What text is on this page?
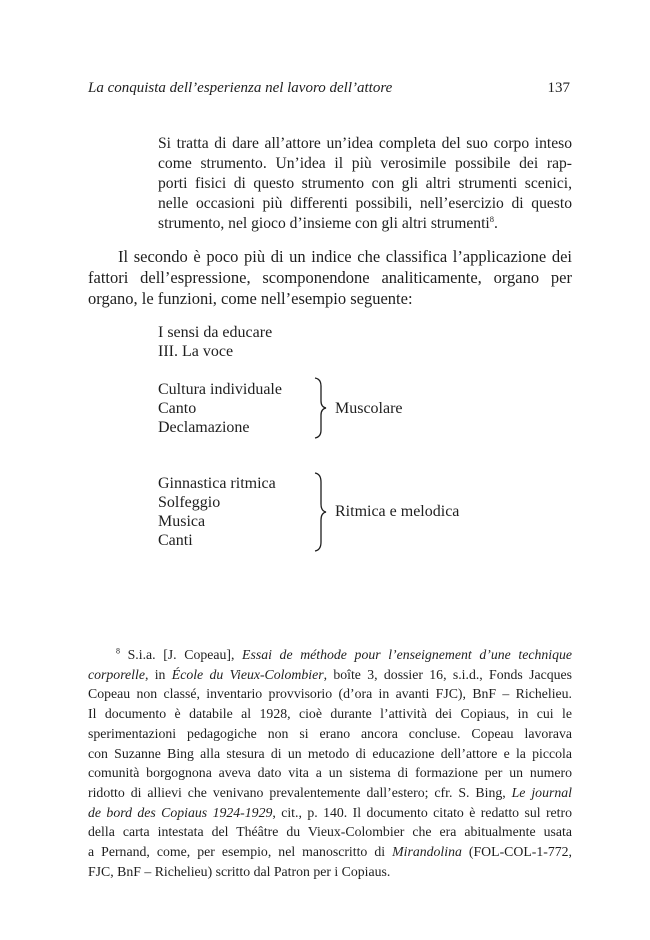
La conquista dell’esperienza nel lavoro dell’attore	137
Si tratta di dare all’attore un’idea completa del suo corpo inteso
come strumento. Un’idea il più verosimile possibile dei rap-
porti fisici di questo strumento con gli altri strumenti scenici,
nelle occasioni più differenti possibili, nell’esercizio di questo
strumento, nel gioco d’insieme con gli altri strumenti$^8$.
Il secondo è poco più di un indice che classifica l’applicazione dei
fattori dell’espressione, scomponendone analiticamente, organo per
organo, le funzioni, come nell’esempio seguente:
I sensi da educare
III. La voce
Cultura individuale
Canto
Declamazione
Muscolare
Ginnastica ritmica
Solfeggio
Musica
Canti
Ritmica e melodica
$^8$ S.i.a. [J. Copeau], Essai de méthode pour l’enseignement d’une technique
corporelle, in École du Vieux-Colombier, boîte 3, dossier 16, s.i.d., Fonds Jacques
Copeau non classé, inventario provvisorio (d’ora in avanti FJC), BnF – Richelieu.
Il documento è databile al 1928, cioè durante l’attività dei Copiaus, in cui le
sperimentazioni pedagogiche non si erano ancora concluse. Copeau lavorava
con Suzanne Bing alla stesura di un metodo di educazione dell’attore e la piccola
comunità borgognona aveva dato vita a un sistema di formazione per un numero
ridotto di allievi che venivano prevalentemente dall’estero; cfr. S. Bing, Le journal
de bord des Copiaus 1924-1929, cit., p. 140. Il documento citato è redatto sul retro
della carta intestata del Théâtre du Vieux-Colombier che era abitualmente usata
a Pernand, come, per esempio, nel manoscritto di Mirandolina (FOL-COL-1-772,
FJC, BnF – Richelieu) scritto dal Patron per i Copiaus.
